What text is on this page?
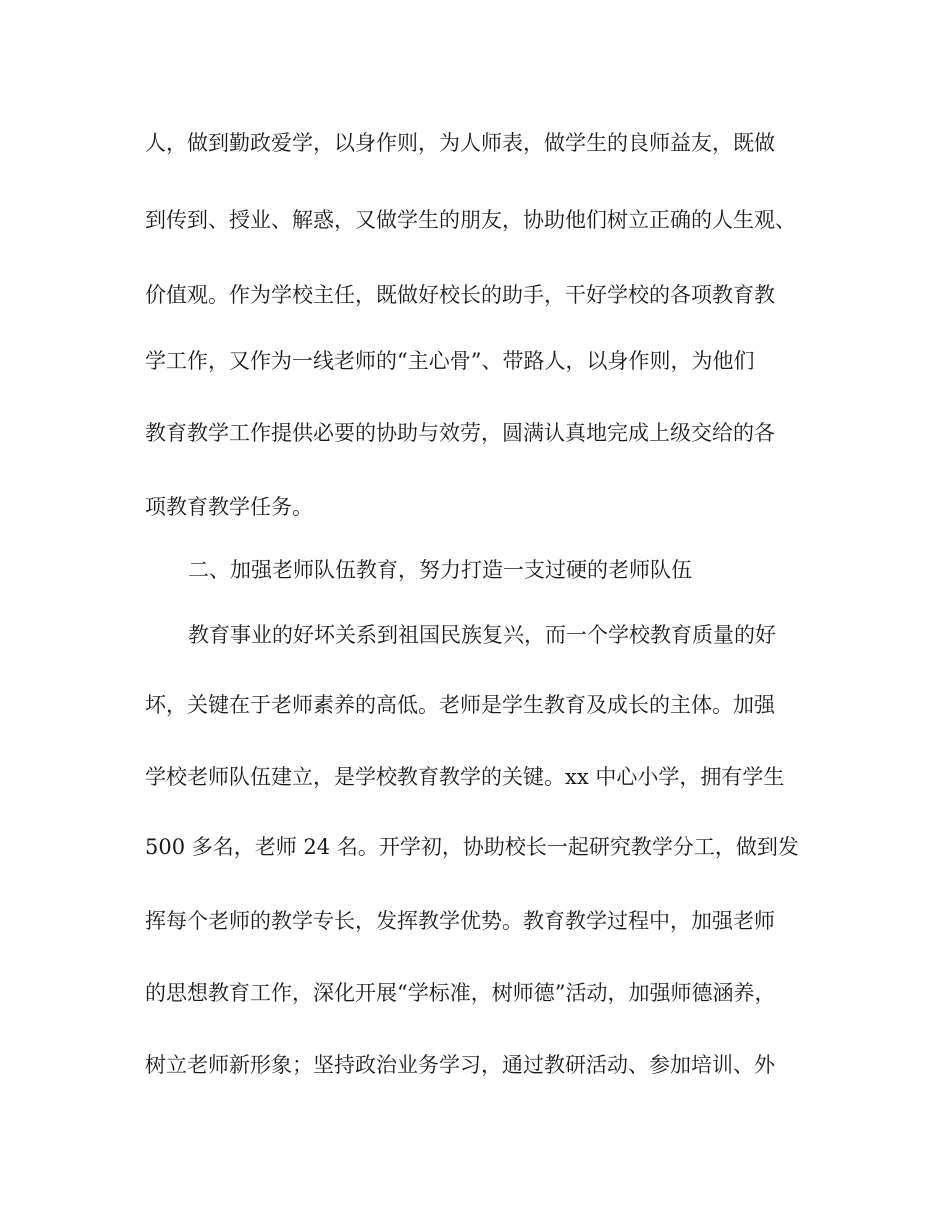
人，做到勤政爱学，以身作则，为人师表，做学生的良师益友，既做

到传到、授业、解惑，又做学生的朋友，协助他们树立正确的人生观、

价值观。作为学校主任，既做好校长的助手，干好学校的各项教育教

学工作，又作为一线老师的“主心骨”、带路人，以身作则，为他们

教育教学工作提供必要的协助与效劳，圆满认真地完成上级交给的各

项教育教学任务。

二、加强老师队伍教育，努力打造一支过硬的老师队伍

教育事业的好坏关系到祖国民族复兴，而一个学校教育质量的好

坏，关键在于老师素养的高低。老师是学生教育及成长的主体。加强

学校老师队伍建立，是学校教育教学的关键。xx 中心小学，拥有学生

500 多名，老师 24 名。开学初，协助校长一起研究教学分工，做到发

挥每个老师的教学专长，发挥教学优势。教育教学过程中，加强老师

的思想教育工作，深化开展“学标准，树师德”活动，加强师德涵养，

树立老师新形象；坚持政治业务学习，通过教研活动、参加培训、外
